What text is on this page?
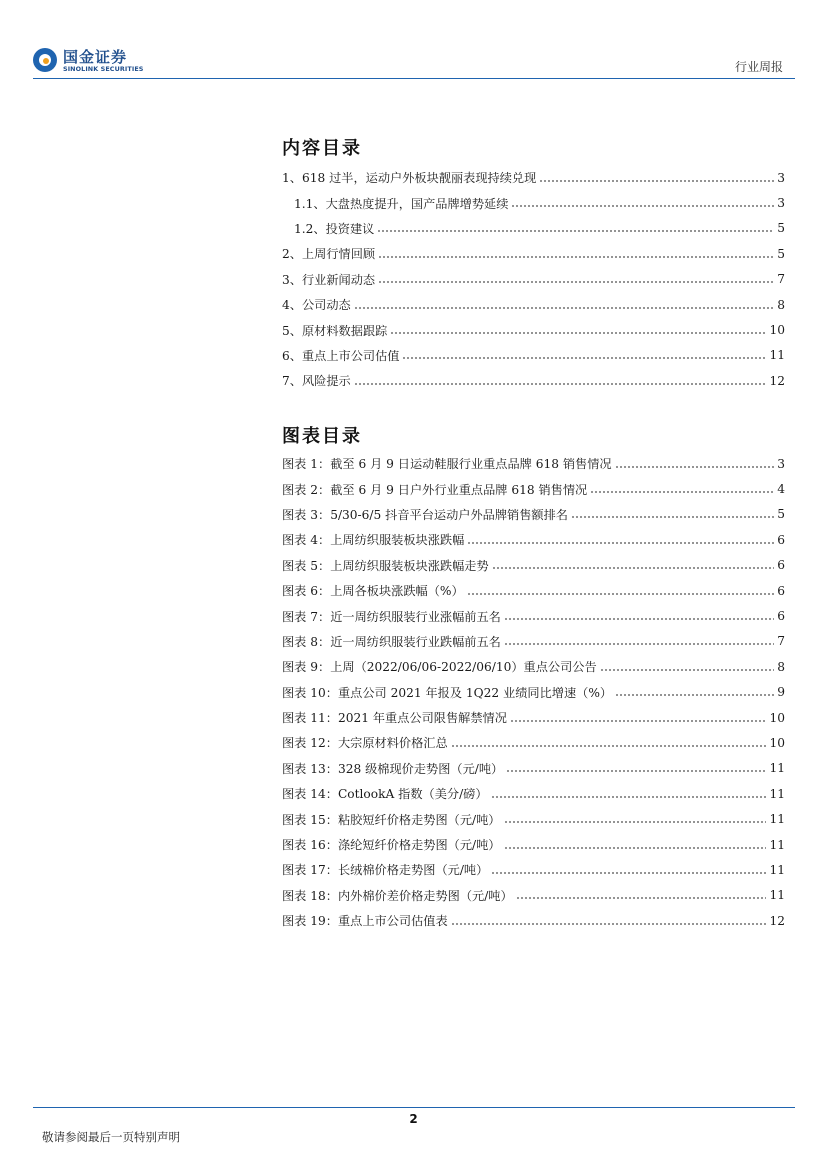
国金证券
SINOLINK SECURITIES	行业周报
内容目录
1、618 过半，运动户外板块靓丽表现持续兑现	3
1.1、大盘热度提升，国产品牌增势延续	3
1.2、投资建议	5
2、上周行情回顾	5
3、行业新闻动态	7
4、公司动态	8
5、原材料数据跟踪	10
6、重点上市公司估值	11
7、风险提示	12
图表目录
图表 1：截至 6 月 9 日运动鞋服行业重点品牌 618 销售情况	3
图表 2：截至 6 月 9 日户外行业重点品牌 618 销售情况	4
图表 3：5/30-6/5 抖音平台运动户外品牌销售额排名	5
图表 4：上周纺织服装板块涨跌幅	6
图表 5：上周纺织服装板块涨跌幅走势	6
图表 6：上周各板块涨跌幅（%）	6
图表 7：近一周纺织服装行业涨幅前五名	6
图表 8：近一周纺织服装行业跌幅前五名	7
图表 9：上周（2022/06/06-2022/06/10）重点公司公告	8
图表 10：重点公司 2021 年报及 1Q22 业绩同比增速（%）	9
图表 11：2021 年重点公司限售解禁情况	10
图表 12：大宗原材料价格汇总	10
图表 13：328 级棉现价走势图（元/吨）	11
图表 14：CotlookA 指数（美分/磅）	11
图表 15：粘胶短纤价格走势图（元/吨）	11
图表 16：涤纶短纤价格走势图（元/吨）	11
图表 17：长绒棉价格走势图（元/吨）	11
图表 18：内外棉价差价格走势图（元/吨）	11
图表 19：重点上市公司估值表	12
2
敬请参阅最后一页特别声明
